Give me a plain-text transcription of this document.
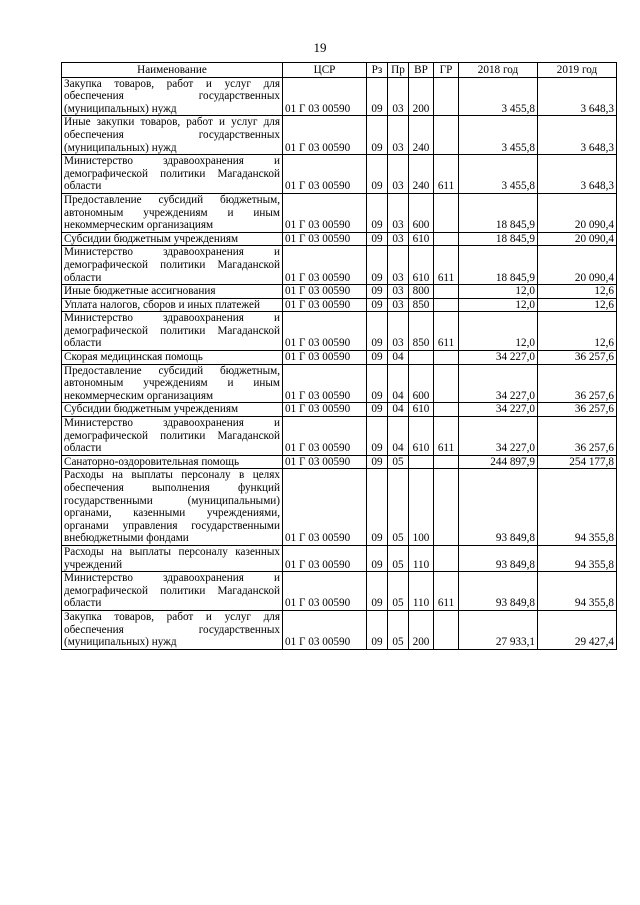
19
Наименование	ЦСР	Рз	Пр	ВР	ГР	2018 год	2019 год
Закупка товаров, работ и услуг для обеспечения государственных (муниципальных) нужд	01 Г 03 00590	09	03	200		3 455,8	3 648,3
Иные закупки товаров, работ и услуг для обеспечения государственных (муниципальных) нужд	01 Г 03 00590	09	03	240		3 455,8	3 648,3
Министерство здравоохранения и демографической политики Магаданской области	01 Г 03 00590	09	03	240	611	3 455,8	3 648,3
Предоставление субсидий бюджетным, автономным учреждениям и иным некоммерческим организациям	01 Г 03 00590	09	03	600		18 845,9	20 090,4
Субсидии бюджетным учреждениям	01 Г 03 00590	09	03	610		18 845,9	20 090,4
Министерство здравоохранения и демографической политики Магаданской области	01 Г 03 00590	09	03	610	611	18 845,9	20 090,4
Иные бюджетные ассигнования	01 Г 03 00590	09	03	800		12,0	12,6
Уплата налогов, сборов и иных платежей	01 Г 03 00590	09	03	850		12,0	12,6
Министерство здравоохранения и демографической политики Магаданской области	01 Г 03 00590	09	03	850	611	12,0	12,6
Скорая медицинская помощь	01 Г 03 00590	09	04			34 227,0	36 257,6
Предоставление субсидий бюджетным, автономным учреждениям и иным некоммерческим организациям	01 Г 03 00590	09	04	600		34 227,0	36 257,6
Субсидии бюджетным учреждениям	01 Г 03 00590	09	04	610		34 227,0	36 257,6
Министерство здравоохранения и демографической политики Магаданской области	01 Г 03 00590	09	04	610	611	34 227,0	36 257,6
Санаторно-оздоровительная помощь	01 Г 03 00590	09	05			244 897,9	254 177,8
Расходы на выплаты персоналу в целях обеспечения выполнения функций государственными (муниципальными) органами, казенными учреждениями, органами управления государственными внебюджетными фондами	01 Г 03 00590	09	05	100		93 849,8	94 355,8
Расходы на выплаты персоналу казенных учреждений	01 Г 03 00590	09	05	110		93 849,8	94 355,8
Министерство здравоохранения и демографической политики Магаданской области	01 Г 03 00590	09	05	110	611	93 849,8	94 355,8
Закупка товаров, работ и услуг для обеспечения государственных (муниципальных) нужд	01 Г 03 00590	09	05	200		27 933,1	29 427,4
